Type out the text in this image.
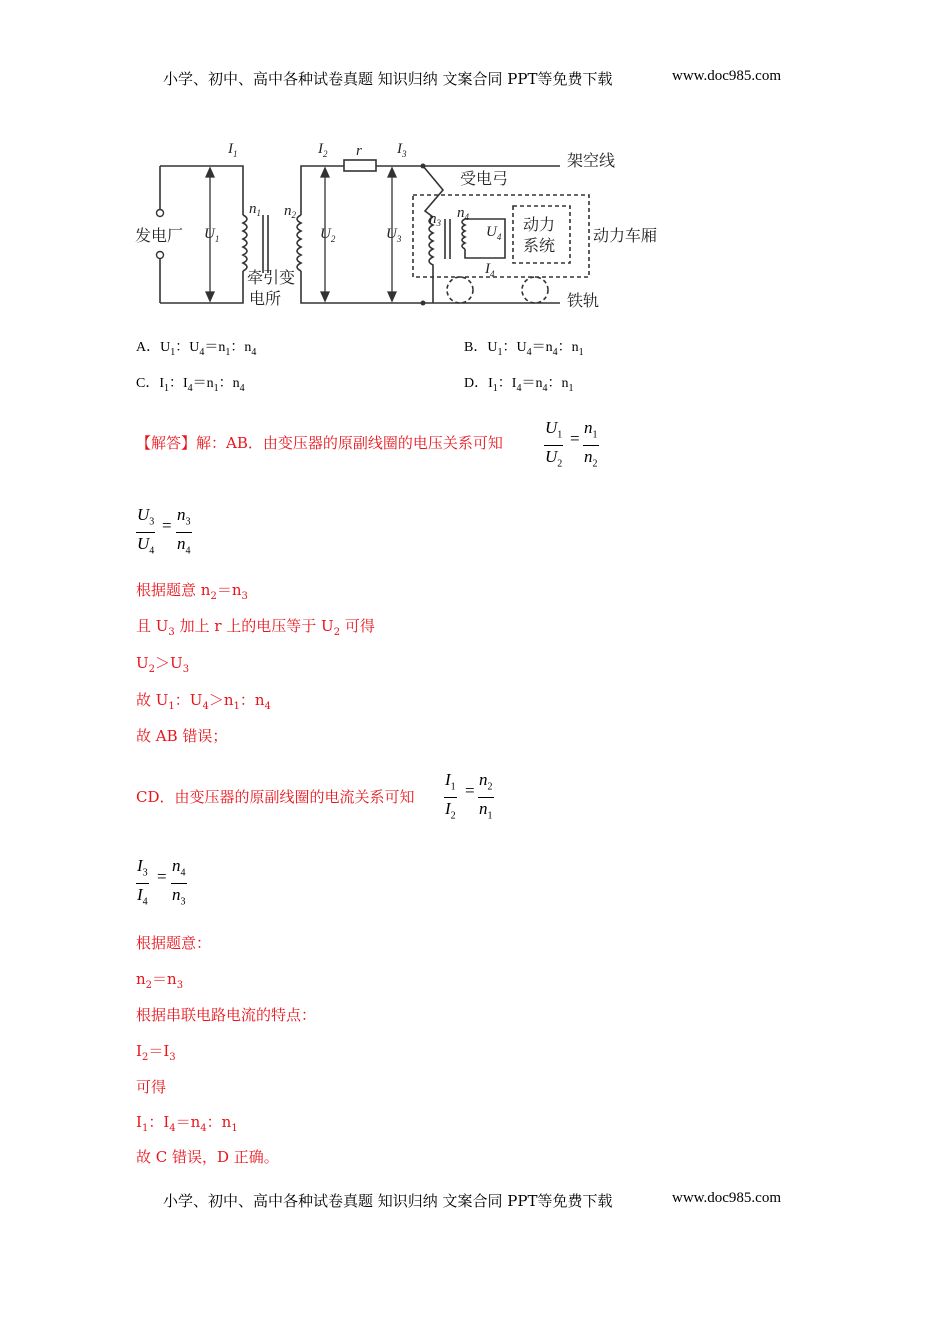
小学、初中、高中各种试卷真题 知识归纳 文案合同 PPT等免费下载	www.doc985.com
发电厂
牵引变
电所
架空线
受电弓
动力
系统
动力车厢
铁轨
$I_1$	$I_2$	$I_3$
r
$U_1$	$U_2$	$U_3$	$U_4$
$I_4$
$n_1$ $n_2$	$n_3$
$n_4$
A．$U_1$：$U_4=n_1$：$n_4$	B．$U_1$：$U_4=n_4$：$n_1$
C．$I_1$：$I_4=n_1$：$n_4$	D．$I_1$：$I_4=n_4$：$n_1$
【解答】解：AB．由变压器的原副线圈的电压关系可知 $\frac{U_1}{U_2} = \frac{n_1}{n_2}$
$\frac{U_3}{U_4} = \frac{n_3}{n_4}$
根据题意 $n_2=n_3$
且 $U_3$ 加上 r 上的电压等于 $U_2$ 可得
$U_2>U_3$
故 $U_1$：$U_4>n_1$：$n_4$
故 AB 错误；
CD．由变压器的原副线圈的电流关系可知 $\frac{I_1}{I_2} = \frac{n_2}{n_1}$
$\frac{I_3}{I_4} = \frac{n_4}{n_3}$
根据题意：
$n_2=n_3$
根据串联电路电流的特点：
$I_2=I_3$
可得
$I_1$：$I_4=n_4$：$n_1$
故 C 错误，D 正确。
小学、初中、高中各种试卷真题 知识归纳 文案合同 PPT等免费下载	www.doc985.com
